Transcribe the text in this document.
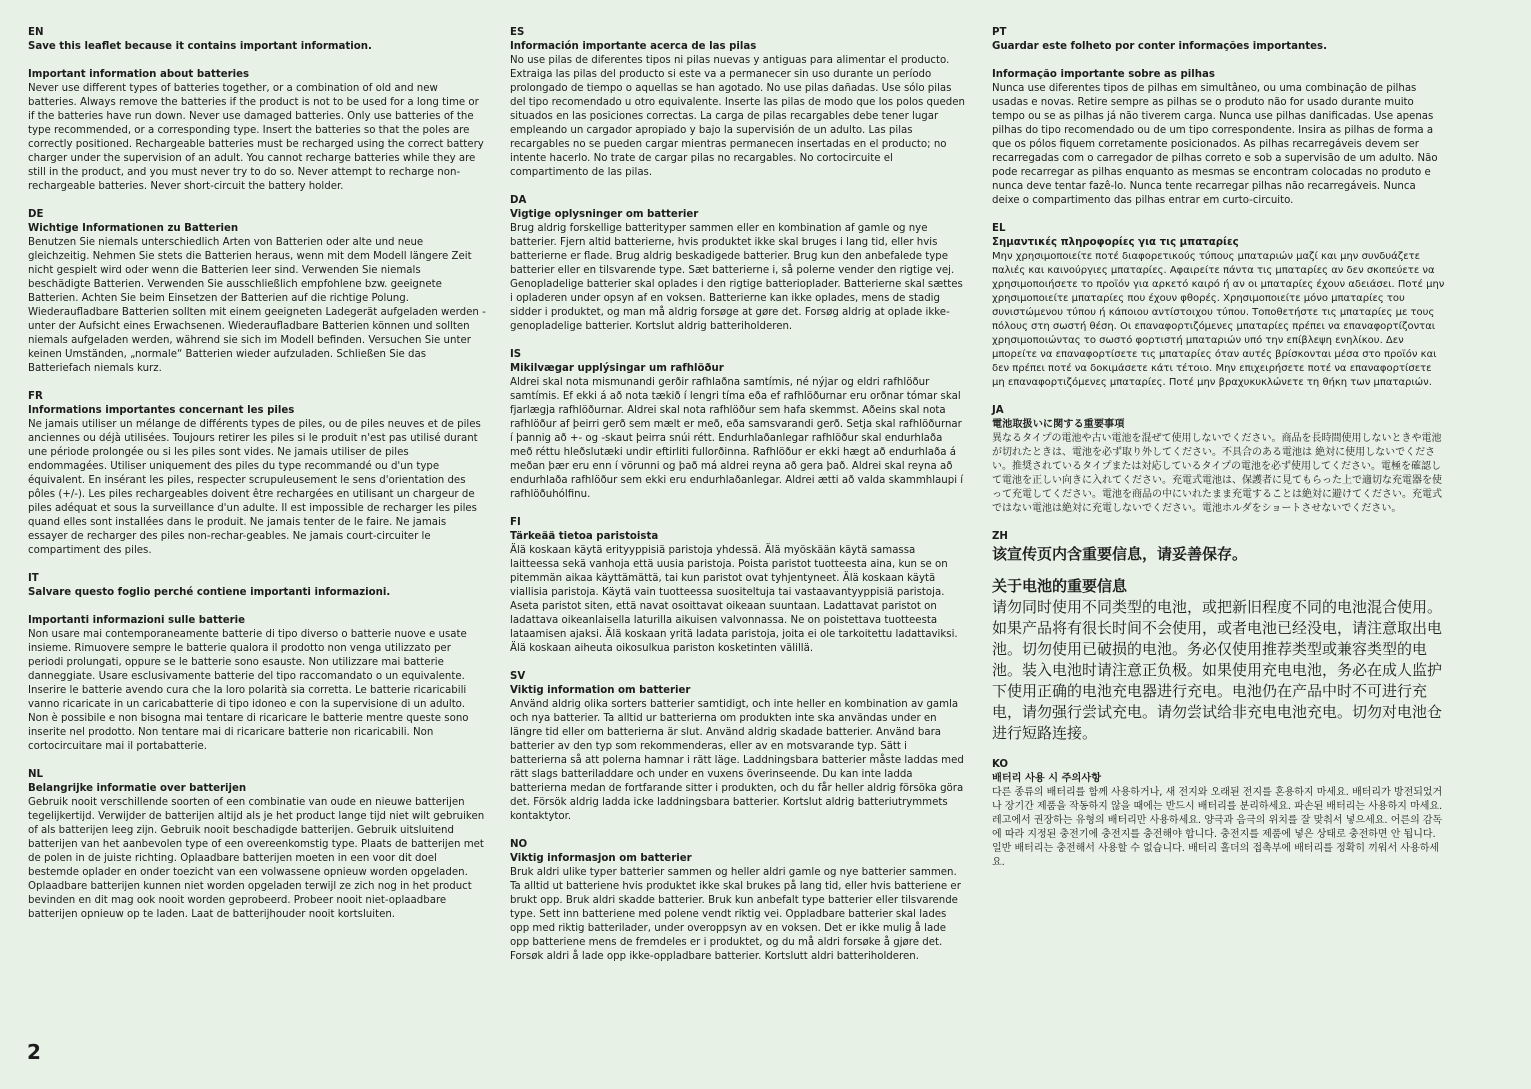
EN

Save this leaflet because it contains important information.

Important information about batteries

Never use different types of batteries together, or a combination of old and new batteries. Always remove the batteries if the product is not to be used for a long time or if the batteries have run down. Never use damaged batteries. Only use batteries of the type recommended, or a corresponding type. Insert the batteries so that the poles are correctly positioned. Rechargeable batteries must be recharged using the correct battery charger under the supervision of an adult. You cannot recharge batteries while they are still in the product, and you must never try to do so. Never attempt to recharge non-rechargeable batteries. Never short-circuit the battery holder.

DE

Wichtige Informationen zu Batterien

Benutzen Sie niemals unterschiedlich Arten von Batterien oder alte und neue gleichzeitig. Nehmen Sie stets die Batterien heraus, wenn mit dem Modell längere Zeit nicht gespielt wird oder wenn die Batterien leer sind. Verwenden Sie niemals beschädigte Batterien. Verwenden Sie ausschließlich empfohlene bzw. geeignete Batterien. Achten Sie beim Einsetzen der Batterien auf die richtige Polung. Wiederaufladbare Batterien sollten mit einem geeigneten Ladegerät aufgeladen werden - unter der Aufsicht eines Erwachsenen. Wiederaufladbare Batterien können und sollten niemals aufgeladen werden, während sie sich im Modell befinden. Versuchen Sie unter keinen Umständen, „normale“ Batterien wieder aufzuladen. Schließen Sie das Batteriefach niemals kurz.

FR

Informations importantes concernant les piles

Ne jamais utiliser un mélange de différents types de piles, ou de piles neuves et de piles anciennes ou déjà utilisées. Toujours retirer les piles si le produit n'est pas utilisé durant une période prolongée ou si les piles sont vides. Ne jamais utiliser de piles endommagées. Utiliser uniquement des piles du type recommandé ou d'un type équivalent. En insérant les piles, respecter scrupuleusement le sens d'orientation des pôles (+/-). Les piles rechargeables doivent être rechargées en utilisant un chargeur de piles adéquat et sous la surveillance d'un adulte. Il est impossible de recharger les piles quand elles sont installées dans le produit. Ne jamais tenter de le faire. Ne jamais essayer de recharger des piles non-rechar-geables. Ne jamais court-circuiter le compartiment des piles.

IT

Salvare questo foglio perché contiene importanti informazioni.

Importanti informazioni sulle batterie

Non usare mai contemporaneamente batterie di tipo diverso o batterie nuove e usate insieme. Rimuovere sempre le batterie qualora il prodotto non venga utilizzato per periodi prolungati, oppure se le batterie sono esauste. Non utilizzare mai batterie danneggiate. Usare esclusivamente batterie del tipo raccomandato o un equivalente. Inserire le batterie avendo cura che la loro polarità sia corretta. Le batterie ricaricabili vanno ricaricate in un caricabatterie di tipo idoneo e con la supervisione di un adulto. Non è possibile e non bisogna mai tentare di ricaricare le batterie mentre queste sono inserite nel prodotto. Non tentare mai di ricaricare batterie non ricaricabili. Non cortocircuitare mai il portabatterie.

NL

Belangrijke informatie over batterijen

Gebruik nooit verschillende soorten of een combinatie van oude en nieuwe batterijen tegelijkertijd. Verwijder de batterijen altijd als je het product lange tijd niet wilt gebruiken of als batterijen leeg zijn. Gebruik nooit beschadigde batterijen. Gebruik uitsluitend batterijen van het aanbevolen type of een overeenkomstig type. Plaats de batterijen met de polen in de juiste richting. Oplaadbare batterijen moeten in een voor dit doel bestemde oplader en onder toezicht van een volwassene opnieuw worden opgeladen. Oplaadbare batterijen kunnen niet worden opgeladen terwijl ze zich nog in het product bevinden en dit mag ook nooit worden geprobeerd. Probeer nooit niet-oplaadbare batterijen opnieuw op te laden. Laat de batterijhouder nooit kortsluiten.

ES

Información importante acerca de las pilas

No use pilas de diferentes tipos ni pilas nuevas y antiguas para alimentar el producto. Extraiga las pilas del producto si este va a permanecer sin uso durante un período prolongado de tiempo o aquellas se han agotado. No use pilas dañadas. Use sólo pilas del tipo recomendado u otro equivalente. Inserte las pilas de modo que los polos queden situados en las posiciones correctas. La carga de pilas recargables debe tener lugar empleando un cargador apropiado y bajo la supervisión de un adulto. Las pilas recargables no se pueden cargar mientras permanecen insertadas en el producto; no intente hacerlo. No trate de cargar pilas no recargables. No cortocircuite el compartimento de las pilas.

DA

Vigtige oplysninger om batterier

Brug aldrig forskellige batterityper sammen eller en kombination af gamle og nye batterier. Fjern altid batterierne, hvis produktet ikke skal bruges i lang tid, eller hvis batterierne er flade. Brug aldrig beskadigede batterier. Brug kun den anbefalede type batterier eller en tilsvarende type. Sæt batterierne i, så polerne vender den rigtige vej. Genopladelige batterier skal oplades i den rigtige batterioplader. Batterierne skal sættes i opladeren under opsyn af en voksen. Batterierne kan ikke oplades, mens de stadig sidder i produktet, og man må aldrig forsøge at gøre det. Forsøg aldrig at oplade ikke-genopladelige batterier. Kortslut aldrig batteriholderen.

IS

Mikilvægar upplýsingar um rafhlöður

Aldrei skal nota mismunandi gerðir rafhlaðna samtímis, né nýjar og eldri rafhlöður samtímis. Ef ekki á að nota tækið í lengri tíma eða ef rafhlöðurnar eru orðnar tómar skal fjarlægja rafhlöðurnar. Aldrei skal nota rafhlöður sem hafa skemmst. Aðeins skal nota rafhlöður af þeirri gerð sem mælt er með, eða samsvarandi gerð. Setja skal rafhlöðurnar í þannig að +- og -skaut þeirra snúi rétt. Endurhlaðanlegar rafhlöður skal endurhlaða með réttu hleðslutæki undir eftirliti fullorðinna. Rafhlöður er ekki hægt að endurhlaða á meðan þær eru enn í vörunni og það má aldrei reyna að gera það. Aldrei skal reyna að endurhlaða rafhlöður sem ekki eru endurhlaðanlegar. Aldrei ætti að valda skammhlaupi í rafhlöðuhólfinu.

FI

Tärkeää tietoa paristoista

Älä koskaan käytä erityyppisiä paristoja yhdessä. Älä myöskään käytä samassa laitteessa sekä vanhoja että uusia paristoja. Poista paristot tuotteesta aina, kun se on pitemmän aikaa käyttämättä, tai kun paristot ovat tyhjentyneet. Älä koskaan käytä viallisia paristoja. Käytä vain tuotteessa suositeltuja tai vastaavantyyppisiä paristoja. Aseta paristot siten, että navat osoittavat oikeaan suuntaan. Ladattavat paristot on ladattava oikeanlaisella laturilla aikuisen valvonnassa. Ne on poistettava tuotteesta lataamisen ajaksi. Älä koskaan yritä ladata paristoja, joita ei ole tarkoitettu ladattaviksi. Älä koskaan aiheuta oikosulkua pariston kosketinten välillä.

SV

Viktig information om batterier

Använd aldrig olika sorters batterier samtidigt, och inte heller en kombination av gamla och nya batterier. Ta alltid ur batterierna om produkten inte ska användas under en längre tid eller om batterierna är slut. Använd aldrig skadade batterier. Använd bara batterier av den typ som rekommenderas, eller av en motsvarande typ. Sätt i batterierna så att polerna hamnar i rätt läge. Laddningsbara batterier måste laddas med rätt slags batteriladdare och under en vuxens överinseende. Du kan inte ladda batterierna medan de fortfarande sitter i produkten, och du får heller aldrig försöka göra det. Försök aldrig ladda icke laddningsbara batterier. Kortslut aldrig batteriutrymmets kontaktytor.

NO

Viktig informasjon om batterier

Bruk aldri ulike typer batterier sammen og heller aldri gamle og nye batterier sammen. Ta alltid ut batteriene hvis produktet ikke skal brukes på lang tid, eller hvis batteriene er brukt opp. Bruk aldri skadde batterier. Bruk kun anbefalt type batterier eller tilsvarende type. Sett inn batteriene med polene vendt riktig vei. Oppladbare batterier skal lades opp med riktig batterilader, under overoppsyn av en voksen. Det er ikke mulig å lade opp batteriene mens de fremdeles er i produktet, og du må aldri forsøke å gjøre det. Forsøk aldri å lade opp ikke-oppladbare batterier. Kortslutt aldri batteriholderen.

PT

Guardar este folheto por conter informações importantes.

Informação importante sobre as pilhas

Nunca use diferentes tipos de pilhas em simultâneo, ou uma combinação de pilhas usadas e novas. Retire sempre as pilhas se o produto não for usado durante muito tempo ou se as pilhas já não tiverem carga. Nunca use pilhas danificadas. Use apenas pilhas do tipo recomendado ou de um tipo correspondente. Insira as pilhas de forma a que os pólos fiquem corretamente posicionados. As pilhas recarregáveis devem ser recarregadas com o carregador de pilhas correto e sob a supervisão de um adulto. Não pode recarregar as pilhas enquanto as mesmas se encontram colocadas no produto e nunca deve tentar fazê-lo. Nunca tente recarregar pilhas não recarregáveis. Nunca deixe o compartimento das pilhas entrar em curto-circuito.

EL

Σημαντικές πληροφορίες για τις μπαταρίες

Μην χρησιμοποιείτε ποτέ διαφορετικούς τύπους μπαταριών μαζί και μην συνδυάζετε παλιές και καινούργιες μπαταρίες. Αφαιρείτε πάντα τις μπαταρίες αν δεν σκοπεύετε να χρησιμοποιήσετε το προϊόν για αρκετό καιρό ή αν οι μπαταρίες έχουν αδειάσει. Ποτέ μην χρησιμοποιείτε μπαταρίες που έχουν φθορές. Χρησιμοποιείτε μόνο μπαταρίες του συνιστώμενου τύπου ή κάποιου αντίστοιχου τύπου. Τοποθετήστε τις μπαταρίες με τους πόλους στη σωστή θέση. Οι επαναφορτιζόμενες μπαταρίες πρέπει να επαναφορτίζονται χρησιμοποιώντας το σωστό φορτιστή μπαταριών υπό την επίβλεψη ενηλίκου. Δεν μπορείτε να επαναφορτίσετε τις μπαταρίες όταν αυτές βρίσκονται μέσα στο προϊόν και δεν πρέπει ποτέ να δοκιμάσετε κάτι τέτοιο. Μην επιχειρήσετε ποτέ να επαναφορτίσετε μη επαναφορτιζόμενες μπαταρίες. Ποτέ μην βραχυκυκλώνετε τη θήκη των μπαταριών.

JA

電池取扱いに関する重要事項

異なるタイプの電池や古い電池を混ぜて使用しないでください。商品を長時間使用しないときや電池が切れたときは、電池を必ず取り外してください。不具合のある電池は 絶対に使用しないでください。推奨されているタイプまたは対応しているタイプの電池を必ず使用してください。電極を確認して電池を正しい向きに入れてください。充電式電池は、保護者に見てもらった上で適切な充電器を使って充電してください。電池を商品の中にいれたまま充電することは絶対に避けてください。充電式ではない電池は絶対に充電しないでください。電池ホルダをショートさせないでください。

ZH

该宣传页内含重要信息，请妥善保存。

关于电池的重要信息

请勿同时使用不同类型的电池，或把新旧程度不同的电池混合使用。如果产品将有很长时间不会使用，或者电池已经没电，请注意取出电池。切勿使用已破损的电池。务必仅使用推荐类型或兼容类型的电池。装入电池时请注意正负极。如果使用充电电池，务必在成人监护下使用正确的电池充电器进行充电。电池仍在产品中时不可进行充电，请勿强行尝试充电。请勿尝试给非充电电池充电。切勿对电池仓进行短路连接。

KO

배터리 사용 시 주의사항

다른 종류의 배터리를 함께 사용하거나, 새 전지와 오래된 전지를 혼용하지 마세요. 배터리가 방전되었거나 장기간 제품을 작동하지 않을 때에는 반드시 배터리를 분리하세요. 파손된 배터리는 사용하지 마세요. 레고에서 권장하는 유형의 배터리만 사용하세요. 양극과 음극의 위치를 잘 맞춰서 넣으세요. 어른의 감독에 따라 지정된 충전기에 충전지를 충전해야 합니다. 충전지를 제품에 넣은 상태로 충전하면 안 됩니다. 일반 배터리는 충전해서 사용할 수 없습니다. 배터리 홀더의 접촉부에 배터리를 정확히 끼워서 사용하세요.

2
